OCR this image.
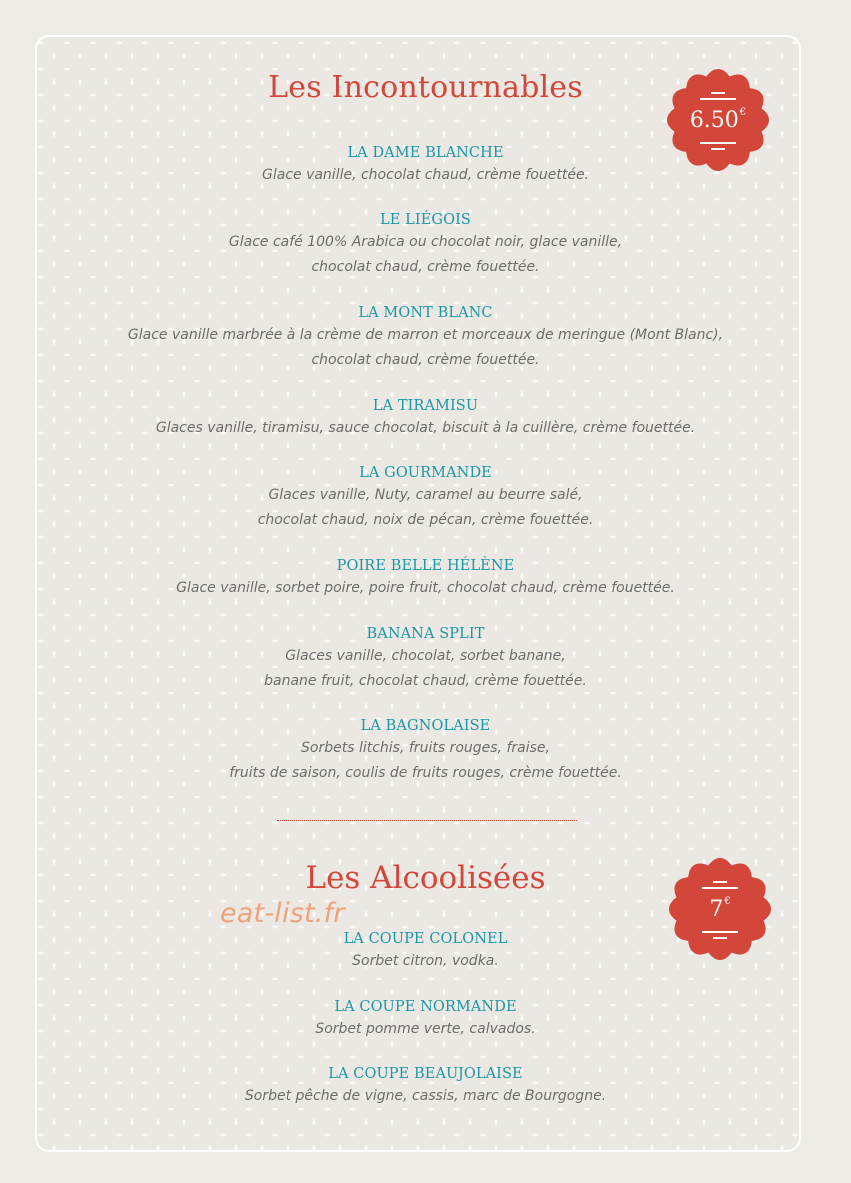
Les Incontournables
6.50€
LA DAME BLANCHE
Glace vanille, chocolat chaud, crème fouettée.
LE LIÉGOIS
Glace café 100% Arabica ou chocolat noir, glace vanille,
chocolat chaud, crème fouettée.
LA MONT BLANC
Glace vanille marbrée à la crème de marron et morceaux de meringue (Mont Blanc),
chocolat chaud, crème fouettée.
LA TIRAMISU
Glaces vanille, tiramisu, sauce chocolat, biscuit à la cuillère, crème fouettée.
LA GOURMANDE
Glaces vanille, Nuty, caramel au beurre salé,
chocolat chaud, noix de pécan, crème fouettée.
POIRE BELLE HÉLÈNE
Glace vanille, sorbet poire, poire fruit, chocolat chaud, crème fouettée.
BANANA SPLIT
Glaces vanille, chocolat, sorbet banane,
banane fruit, chocolat chaud, crème fouettée.
LA BAGNOLAISE
Sorbets litchis, fruits rouges, fraise,
fruits de saison, coulis de fruits rouges, crème fouettée.
Les Alcoolisées
7€
eat-list.fr
LA COUPE COLONEL
Sorbet citron, vodka.
LA COUPE NORMANDE
Sorbet pomme verte, calvados.
LA COUPE BEAUJOLAISE
Sorbet pêche de vigne, cassis, marc de Bourgogne.
